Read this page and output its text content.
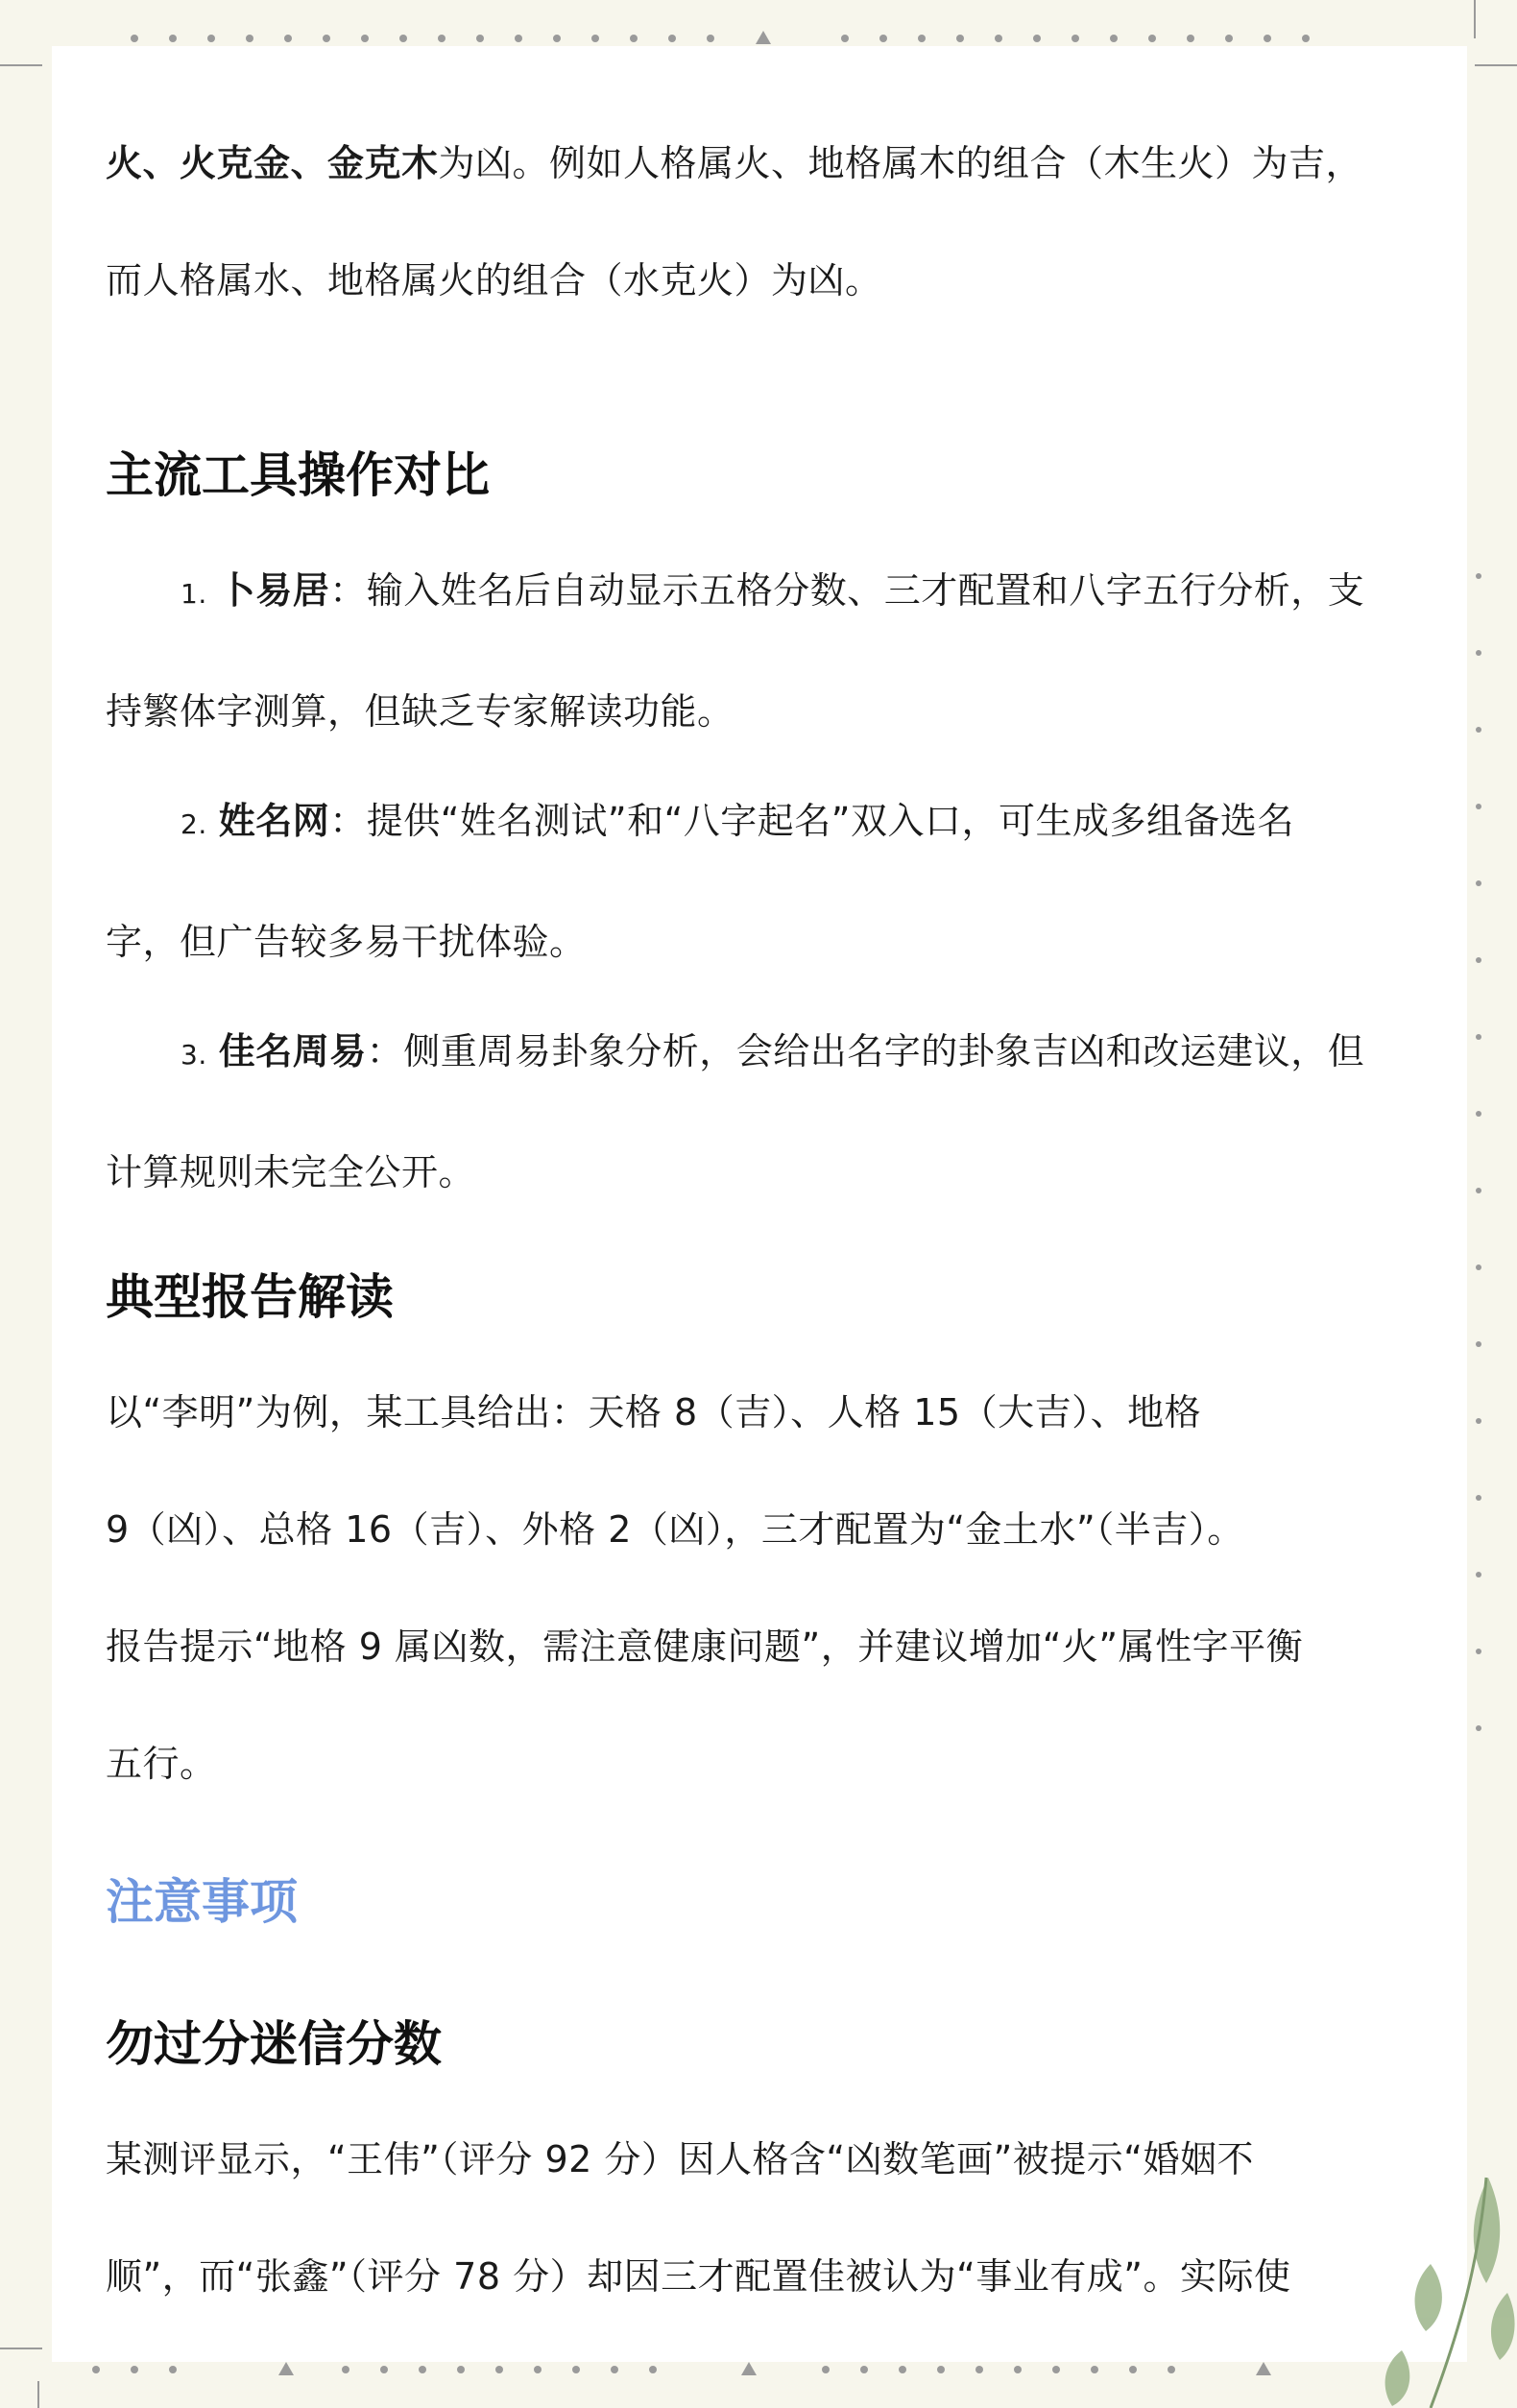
火、火克金、金克木为凶。例如人格属火、地格属木的组合（木生火）为吉，

而人格属水、地格属火的组合（水克火）为凶。

主流工具操作对比

1. 卜易居：输入姓名后自动显示五格分数、三才配置和八字五行分析，支

持繁体字测算，但缺乏专家解读功能。

2. 姓名网：提供“姓名测试”和“八字起名”双入口，可生成多组备选名

字，但广告较多易干扰体验。

3. 佳名周易：侧重周易卦象分析，会给出名字的卦象吉凶和改运建议，但

计算规则未完全公开。

典型报告解读

以“李明”为例，某工具给出：天格 8（吉）、人格 15（大吉）、地格

9（凶）、总格 16（吉）、外格 2（凶），三才配置为“金土水”（半吉）。

报告提示“地格 9 属凶数，需注意健康问题”，并建议增加“火”属性字平衡

五行。

注意事项
勿过分迷信分数

某测评显示，“王伟”（评分 92 分）因人格含“凶数笔画”被提示“婚姻不

顺”，而“张鑫”（评分 78 分）却因三才配置佳被认为“事业有成”。实际使
